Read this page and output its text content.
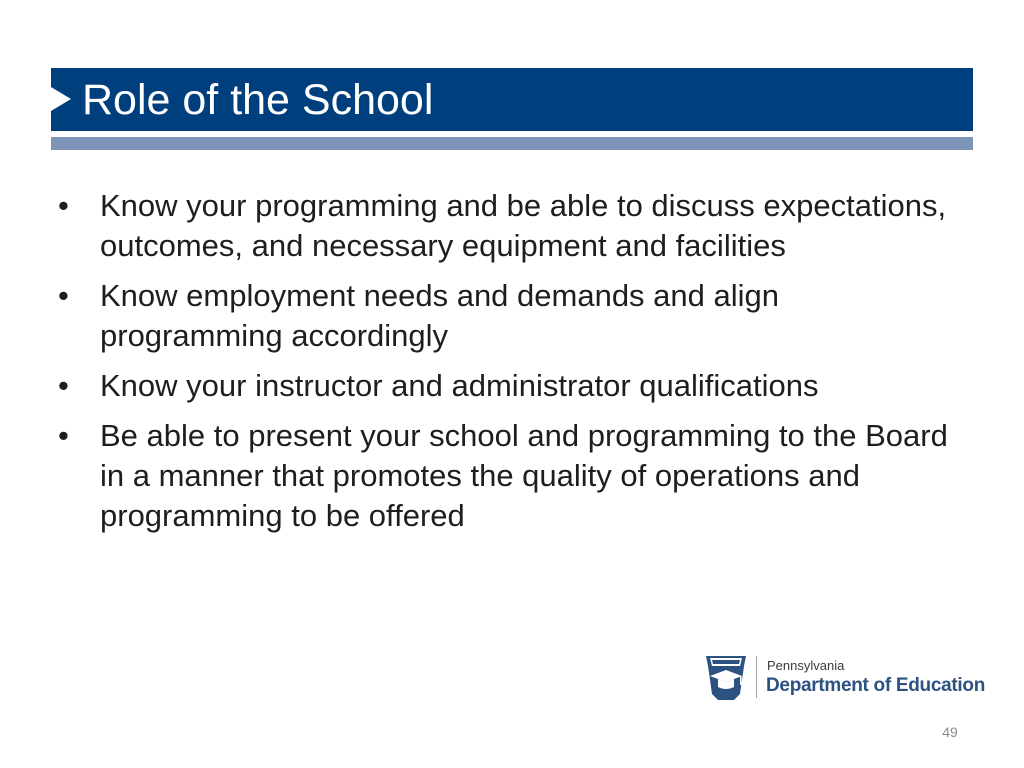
Role of the School
• Know your programming and be able to discuss expectations, outcomes, and necessary equipment and facilities
• Know employment needs and demands and align programming accordingly
• Know your instructor and administrator qualifications
• Be able to present your school and programming to the Board in a manner that promotes the quality of operations and programming to be offered
Pennsylvania
Department of Education
49
